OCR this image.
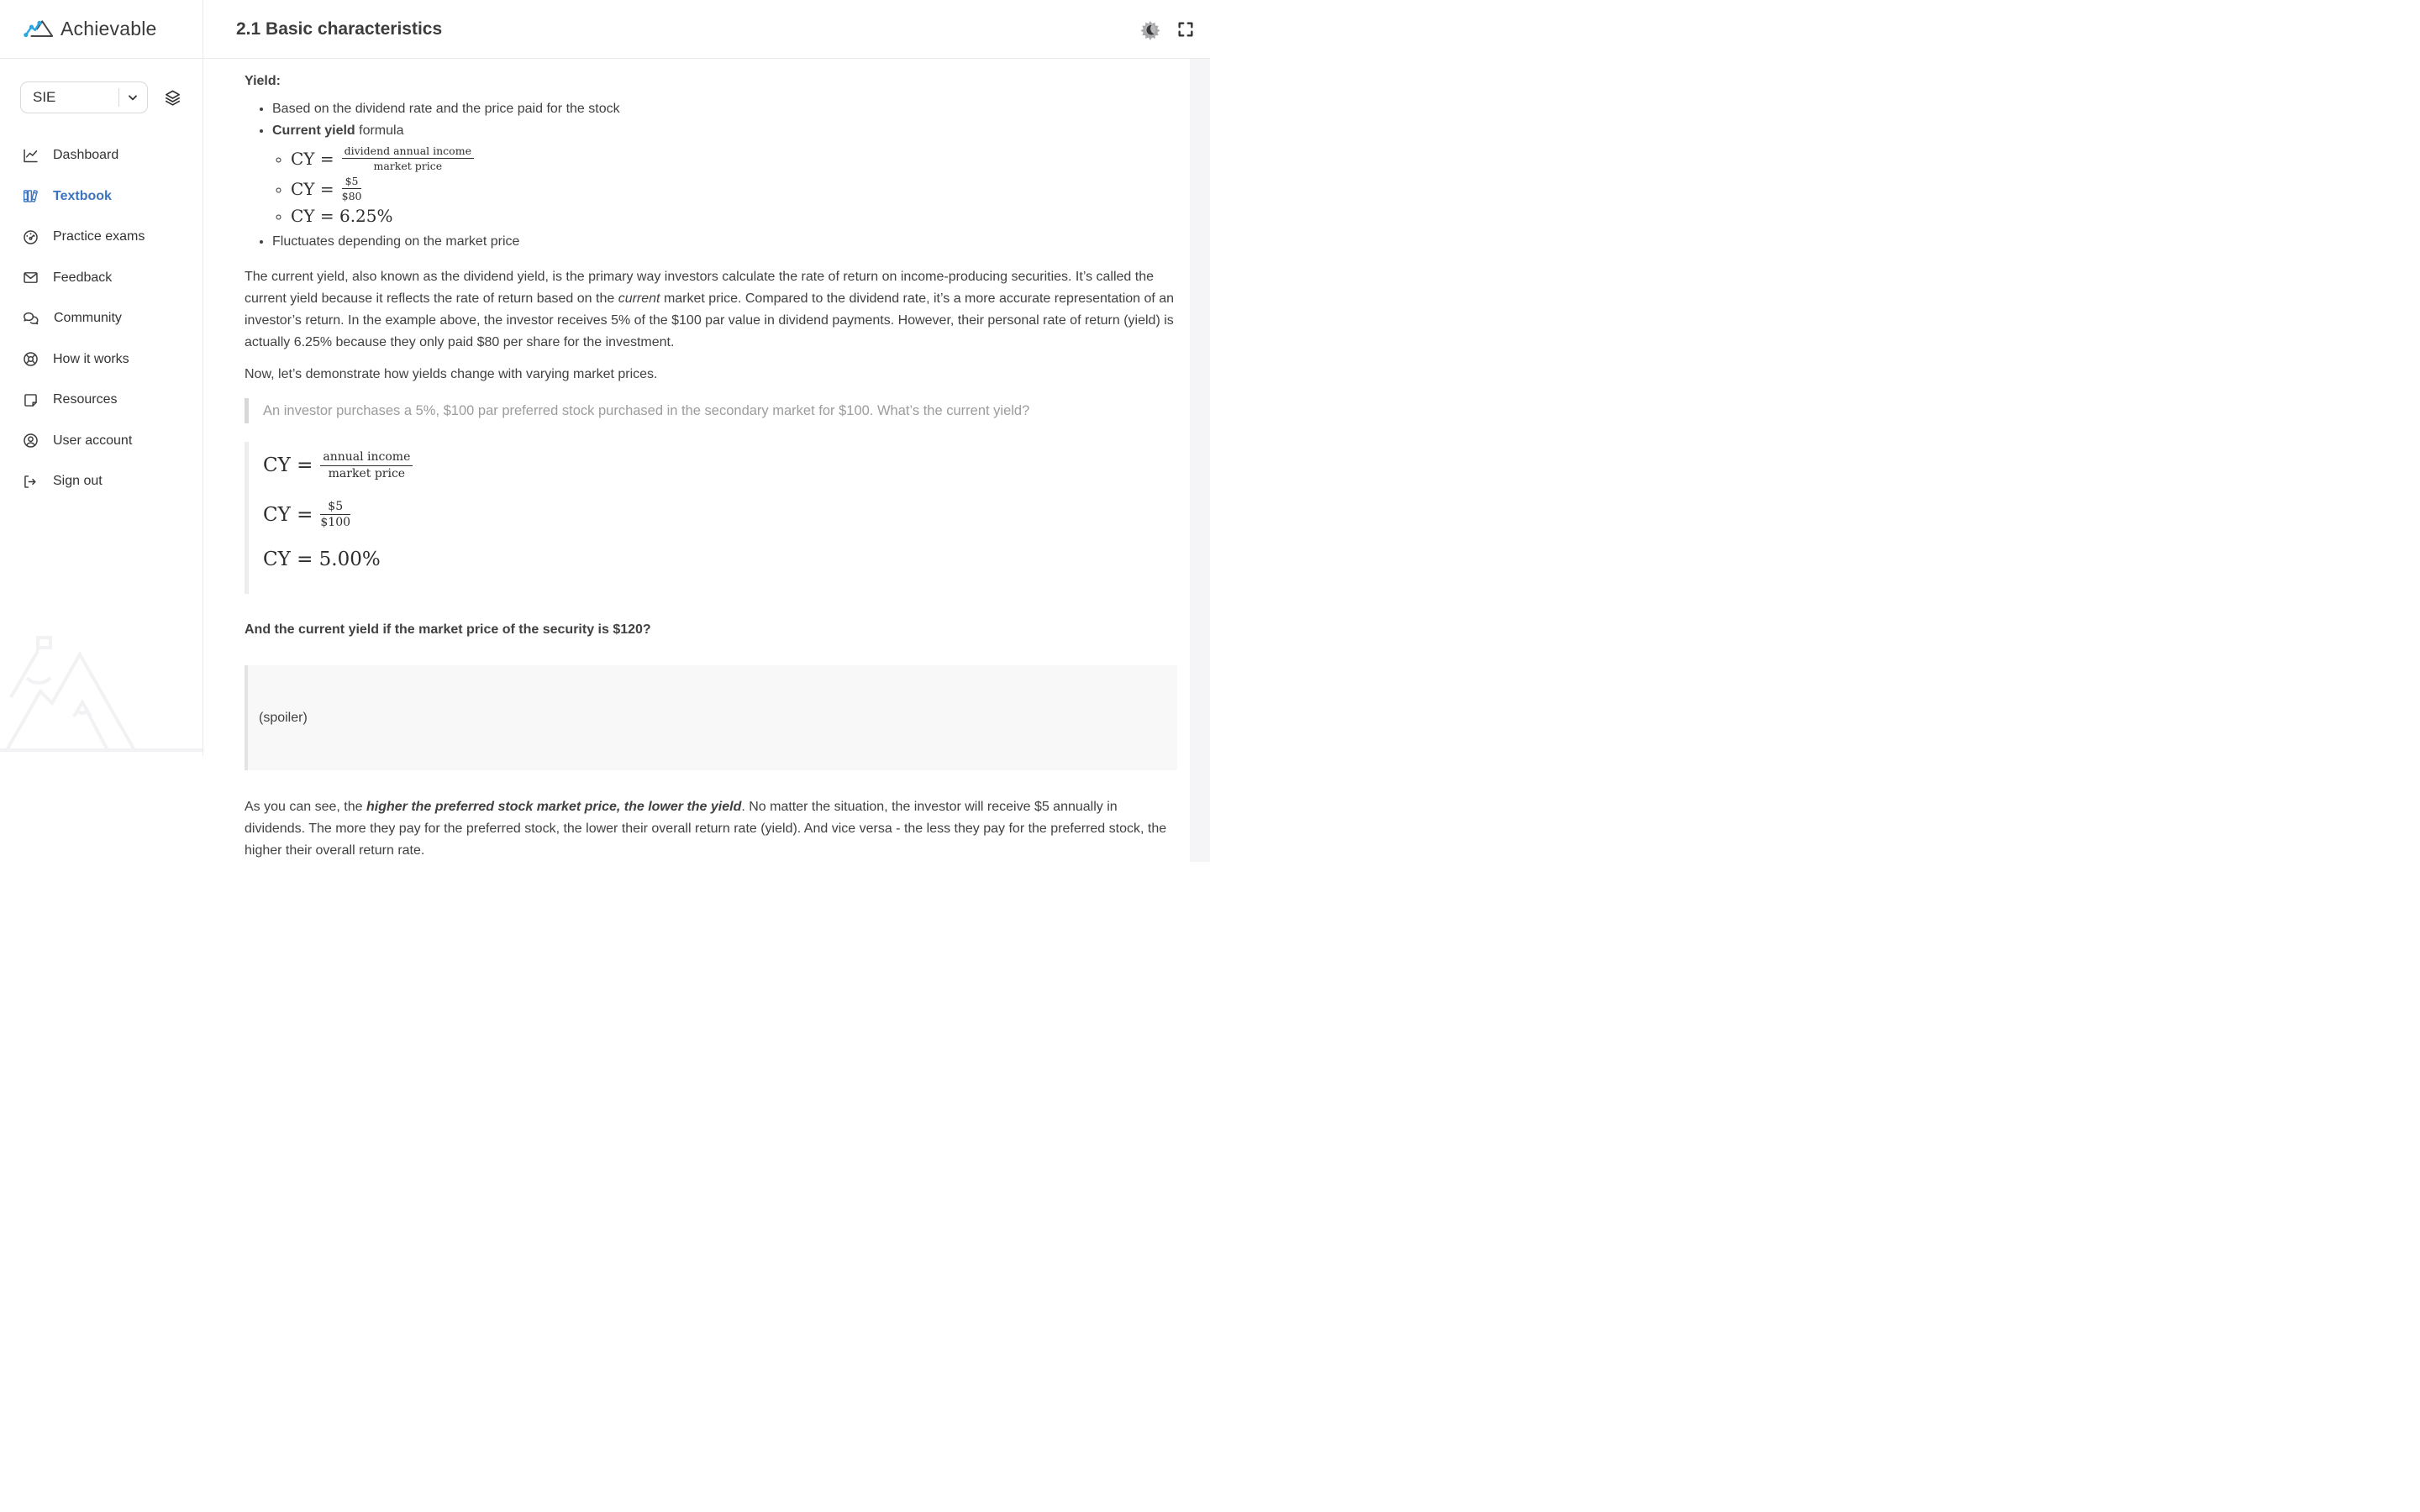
Achievable
SIE
Dashboard
Textbook
Practice exams
Feedback
Community
How it works
Resources
User account
Sign out
2.1 Basic characteristics

Yield:

• Based on the dividend rate and the price paid for the stock
• Current yield formula
◦ CY = $\frac{\text{dividend annual income}}{\text{market price}}$
◦ CY = $\frac{\$5}{\$80}$
◦ CY = 6.25%
• Fluctuates depending on the market price

The current yield, also known as the dividend yield, is the primary way investors calculate the rate of return on income-producing securities. It’s called the current yield because it reflects the rate of return based on the current market price. Compared to the dividend rate, it’s a more accurate representation of an investor’s return. In the example above, the investor receives 5% of the $100 par value in dividend payments. However, their personal rate of return (yield) is actually 6.25% because they only paid $80 per share for the investment.

Now, let’s demonstrate how yields change with varying market prices.

An investor purchases a 5%, $100 par preferred stock purchased in the secondary market for $100. What’s the current yield?
CY = $\frac{\text{annual income}}{\text{market price}}$
CY = $\frac{\$5}{\$100}$
CY = 5.00%

And the current yield if the market price of the security is $120?

(spoiler)

As you can see, the higher the preferred stock market price, the lower the yield. No matter the situation, the investor will receive $5 annually in dividends. The more they pay for the preferred stock, the lower their overall return rate (yield). And vice versa - the less they pay for the preferred stock, the higher their overall return rate.
